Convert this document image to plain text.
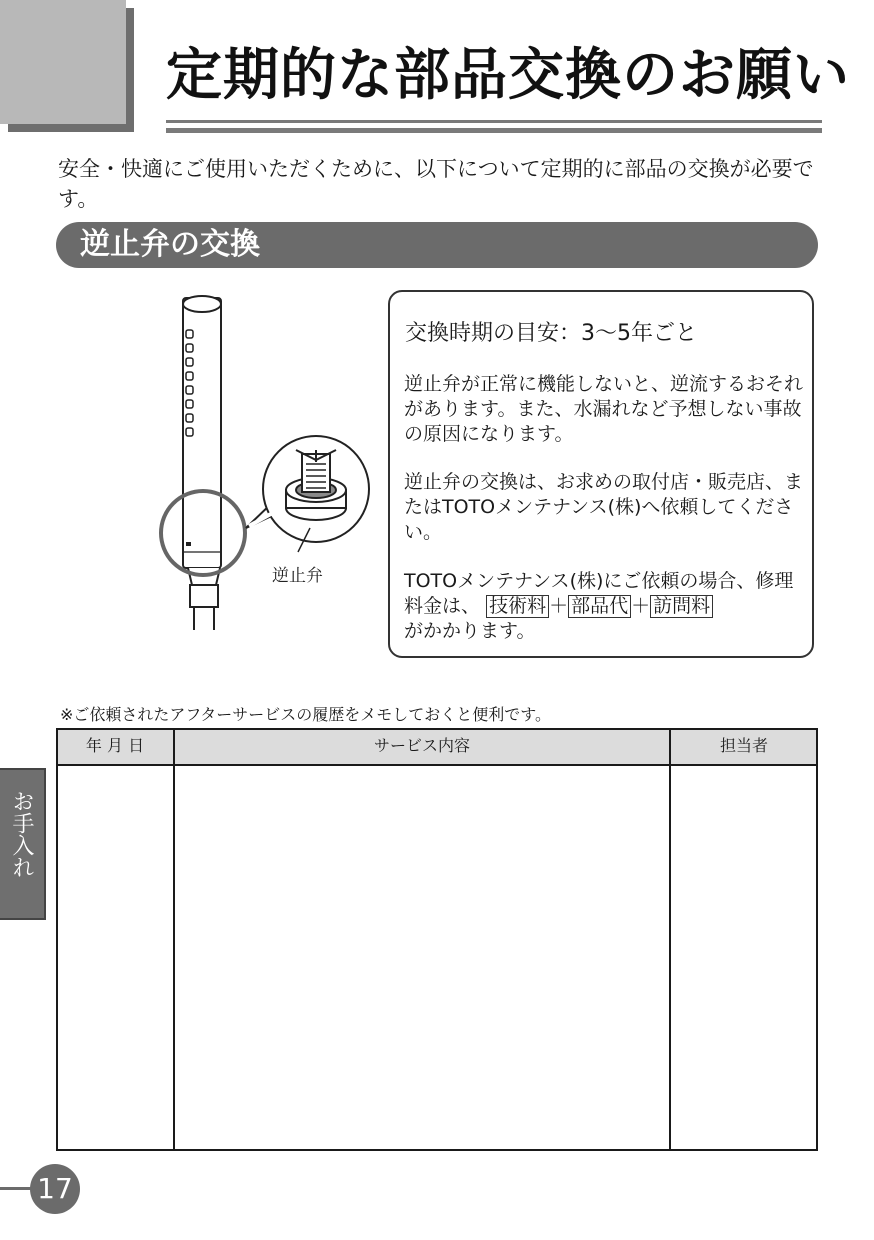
定期的な部品交換のお願い
安全・快適にご使用いただくために、以下について定期的に部品の交換が必要です。
逆止弁の交換
逆止弁
交換時期の目安：3〜5年ごと
逆止弁が正常に機能しないと、逆流するおそれがあります。また、水漏れなど予想しない事故の原因になります。
逆止弁の交換は、お求めの取付店・販売店、またはTOTOメンテナンス(株)へ依頼してください。
TOTOメンテナンス(株)にご依頼の場合、修理料金は、 技術料 ＋ 部品代 ＋ 訪問料
がかかります。
※ご依頼されたアフターサービスの履歴をメモしておくと便利です。
年 月 日	サービス内容	担当者
お手入れ
17
